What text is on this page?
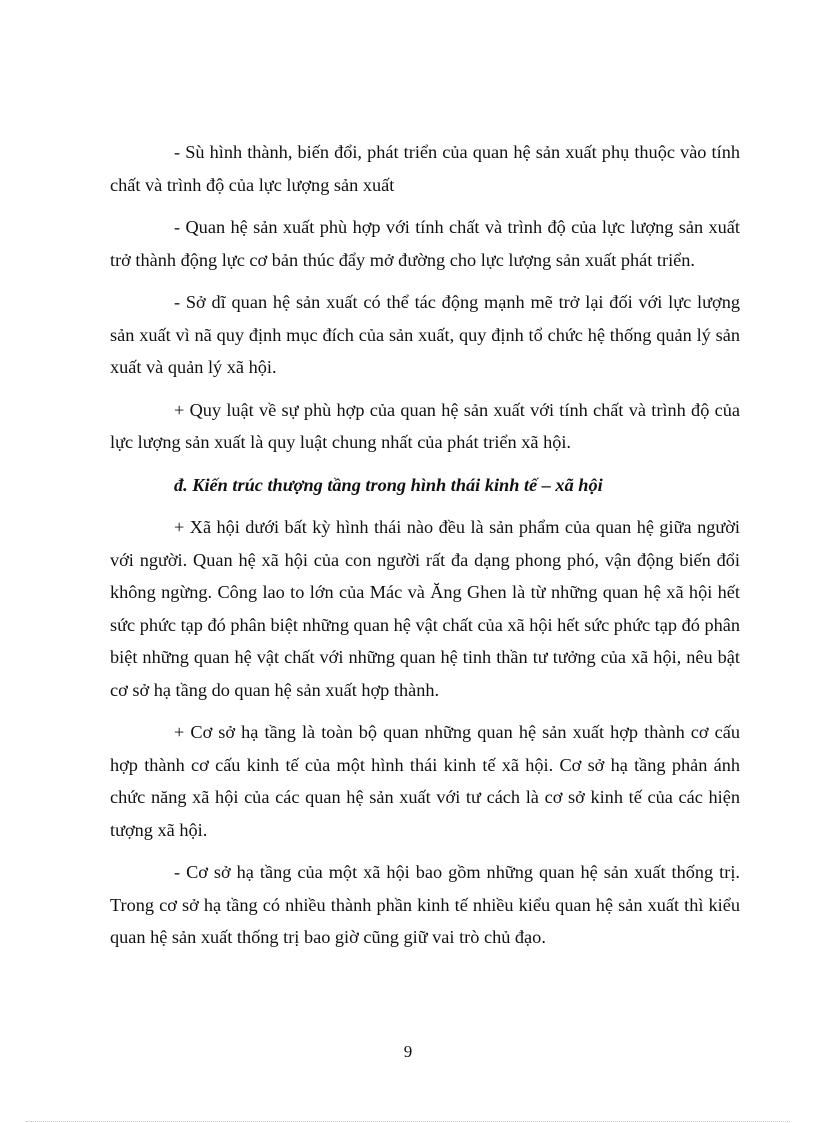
- Sù hình thành, biến đổi, phát triển của quan hệ sản xuất phụ thuộc vào tính chất và trình độ của lực lượng sản xuất

- Quan hệ sản xuất phù hợp với tính chất và trình độ của lực lượng sản xuất trở thành động lực cơ bản thúc đẩy mở đường cho lực lượng sản xuất phát triển.

- Sở dĩ quan hệ sản xuất có thể tác động mạnh mẽ trở lại đối với lực lượng sản xuất vì nã quy định mục đích của sản xuất, quy định tổ chức hệ thống quản lý sản xuất và quản lý xã hội.

+ Quy luật về sự phù hợp của quan hệ sản xuất với tính chất và trình độ của lực lượng sản xuất là quy luật chung nhất của phát triển xã hội.

đ. Kiến trúc thượng tầng trong hình thái kinh tế – xã hội

+ Xã hội dưới bất kỳ hình thái nào đều là sản phẩm của quan hệ giữa người với người. Quan hệ xã hội của con người rất đa dạng phong phó, vận động biến đổi không ngừng. Công lao to lớn của Mác và Ăng Ghen là từ những quan hệ xã hội hết sức phức tạp đó phân biệt những quan hệ vật chất của xã hội hết sức phức tạp đó phân biệt những quan hệ vật chất với những quan hệ tinh thần tư tưởng của xã hội, nêu bật cơ sở hạ tầng do quan hệ sản xuất hợp thành.

+ Cơ sở hạ tầng là toàn bộ quan những quan hệ sản xuất hợp thành cơ cấu hợp thành cơ cấu kinh tế của một hình thái kinh tế xã hội. Cơ sở hạ tầng phản ánh chức năng xã hội của các quan hệ sản xuất với tư cách là cơ sở kinh tế của các hiện tượng xã hội.

- Cơ sở hạ tầng của một xã hội bao gồm những quan hệ sản xuất thống trị. Trong cơ sở hạ tầng có nhiều thành phần kinh tế nhiều kiểu quan hệ sản xuất thì kiểu quan hệ sản xuất thống trị bao giờ cũng giữ vai trò chủ đạo.

9
